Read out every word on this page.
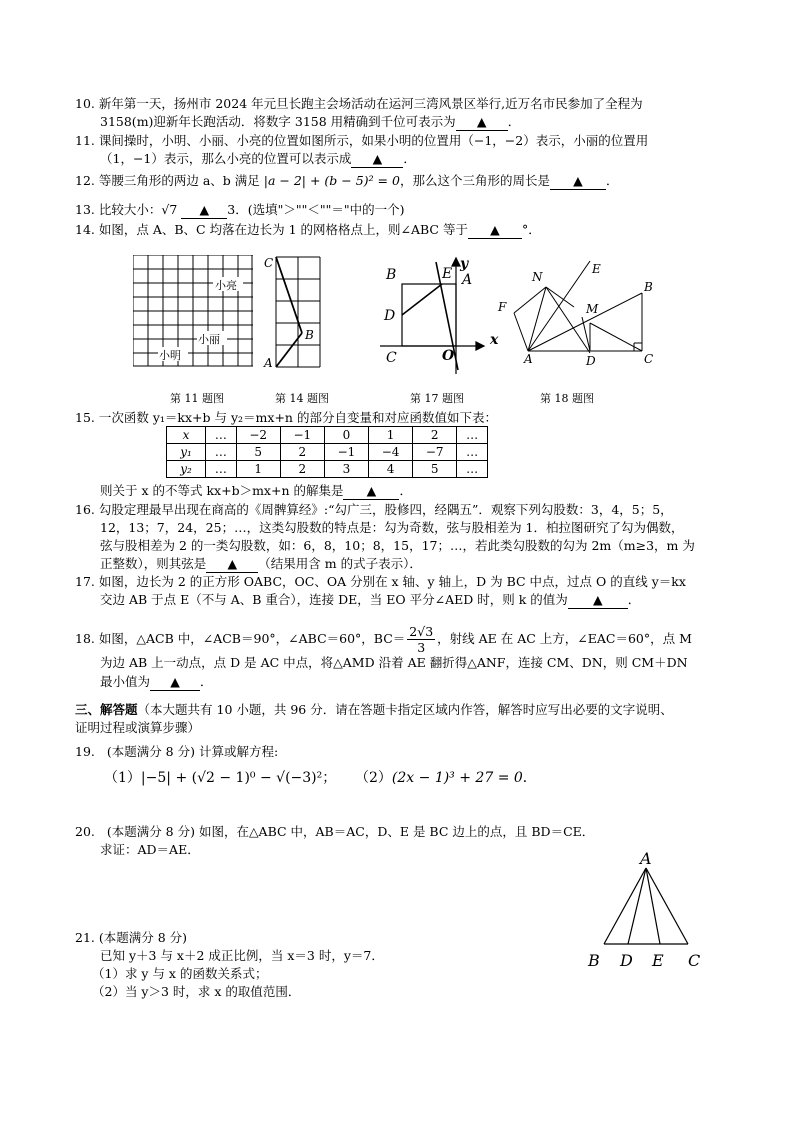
10. 新年第一天，扬州市 2024 年元旦长跑主会场活动在运河三湾风景区举行,近万名市民参加了全程为
3158(m)迎新年长跑活动．将数字 3158 用精确到千位可表示为 ▲ ．
11. 课间操时，小明、小丽、小亮的位置如图所示，如果小明的位置用（−1，−2）表示，小丽的位置用
（1，−1）表示，那么小亮的位置可以表示成 ▲ ．
12. 等腰三角形的两边 a、b 满足 |a − 2| + (b − 5)² = 0，那么这个三角形的周长是 ▲ ．
13. 比较大小：√7 ▲ 3．(选填"＞""＜""＝"中的一个)
14. 如图，点 A、B、C 均落在边长为 1 的网格格点上，则∠ABC 等于 ▲ °．
小亮
小丽
小明
第 11 题图
C
B
A
第 14 题图
B	E A
D
C	O
x
y
第 17 题图
N
E
F	M
B
A	D	C
第 18 题图
15. 一次函数 y₁＝kx+b 与 y₂＝mx+n 的部分自变量和对应函数值如下表：
x	…	−2	−1	0	1	2	…
y₁	…	5	2	−1	−4	−7	…
y₂	…	1	2	3	4	5	…
则关于 x 的不等式 kx+b＞mx+n 的解集是 ▲ ．
16. 勾股定理最早出现在商高的《周髀算经》:“勾广三，股修四，经隅五”．观察下列勾股数：3，4，5；5，
12，13；7，24，25；…，这类勾股数的特点是：勾为奇数，弦与股相差为 1．柏拉图研究了勾为偶数，
弦与股相差为 2 的一类勾股数，如：6，8，10；8，15，17；…，若此类勾股数的勾为 2m（m≥3，m 为
正整数），则其弦是 ▲ （结果用含 m 的式子表示）．
17. 如图，边长为 2 的正方形 OABC，OC、OA 分别在 x 轴、y 轴上，D 为 BC 中点，过点 O 的直线 y＝kx
交边 AB 于点 E（不与 A、B 重合），连接 DE，当 EO 平分∠AED 时，则 k 的值为 ▲ ．
18. 如图，△ACB 中，∠ACB＝90°，∠ABC＝60°，$BC= \frac{2√3}{3}$ ，射线 AE 在 AC 上方，∠EAC＝60°，点 M
为边 AB 上一动点，点 D 是 AC 中点，将△AMD 沿着 AE 翻折得△ANF，连接 CM、DN，则 CM＋DN
最小值为 ▲ ．
三、解答题（本大题共有 10 小题，共 96 分．请在答题卡指定区域内作答，解答时应写出必要的文字说明、
证明过程或演算步骤）
19. (本题满分 8 分) 计算或解方程:
（1）|−5| + (√2 − 1)⁰ − √(−3)²； （2）(2x − 1)³ + 27 = 0．
20. (本题满分 8 分) 如图，在△ABC 中，AB＝AC，D、E 是 BC 边上的点，且 BD＝CE．
求证：AD＝AE．	A
B D E C
21. (本题满分 8 分)
已知 y＋3 与 x＋2 成正比例，当 x＝3 时，y＝7．
（1）求 y 与 x 的函数关系式；
（2）当 y＞3 时，求 x 的取值范围．
